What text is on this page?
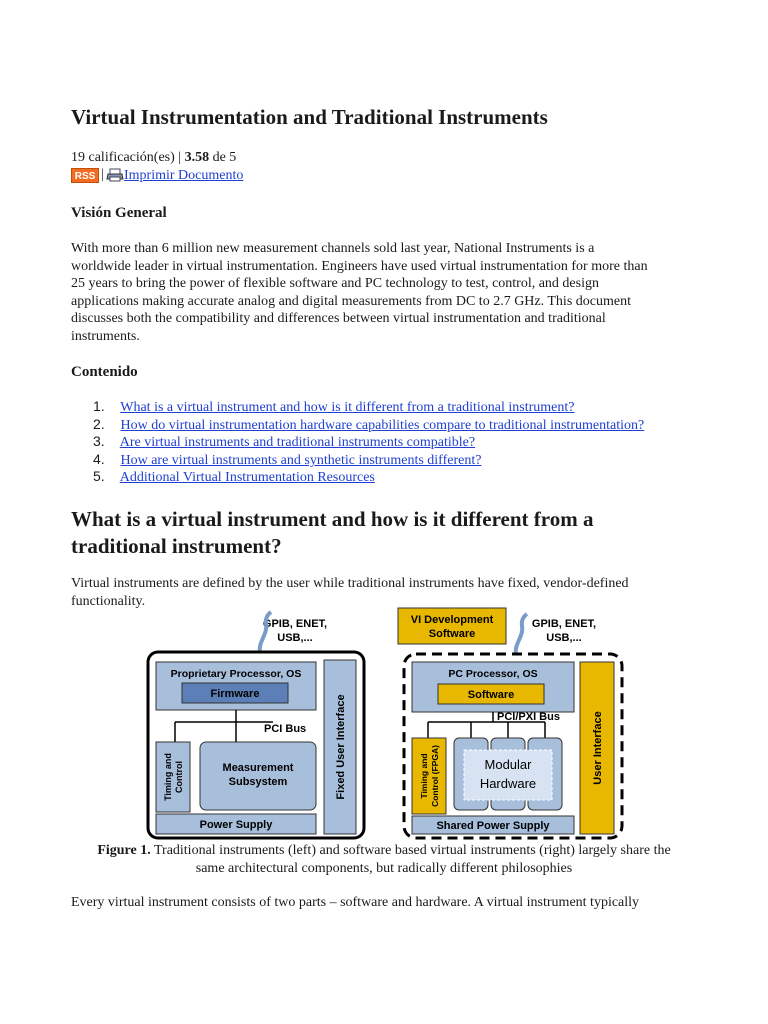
Virtual Instrumentation and Traditional Instruments
19 calificación(es) | 3.58 de 5
RSS | Imprimir Documento
Visión General
With more than 6 million new measurement channels sold last year, National Instruments is a
worldwide leader in virtual instrumentation. Engineers have used virtual instrumentation for more than
25 years to bring the power of flexible software and PC technology to test, control, and design
applications making accurate analog and digital measurements from DC to 2.7 GHz. This document
discusses both the compatibility and differences between virtual instrumentation and traditional
instruments.
Contenido
1. What is a virtual instrument and how is it different from a traditional instrument?
2. How do virtual instrumentation hardware capabilities compare to traditional instrumentation?
3. Are virtual instruments and traditional instruments compatible?
4. How are virtual instruments and synthetic instruments different?
5. Additional Virtual Instrumentation Resources
What is a virtual instrument and how is it different from a
traditional instrument?
Virtual instruments are defined by the user while traditional instruments have fixed, vendor-defined
functionality.
GPIB, ENET,
USB,...
Proprietary Processor, OS
Firmware
PCI Bus
Timing and Control	Measurement
Subsystem
Power Supply
Fixed User Interface
VI Development
Software
GPIB, ENET,
USB,...
PC Processor, OS
Software
PCI/PXI Bus
Timing and Control (FPGA)	Modular
Hardware
Shared Power Supply
User Interface
Figure 1. Traditional instruments (left) and software based virtual instruments (right) largely share the
same architectural components, but radically different philosophies
Every virtual instrument consists of two parts – software and hardware. A virtual instrument typically
